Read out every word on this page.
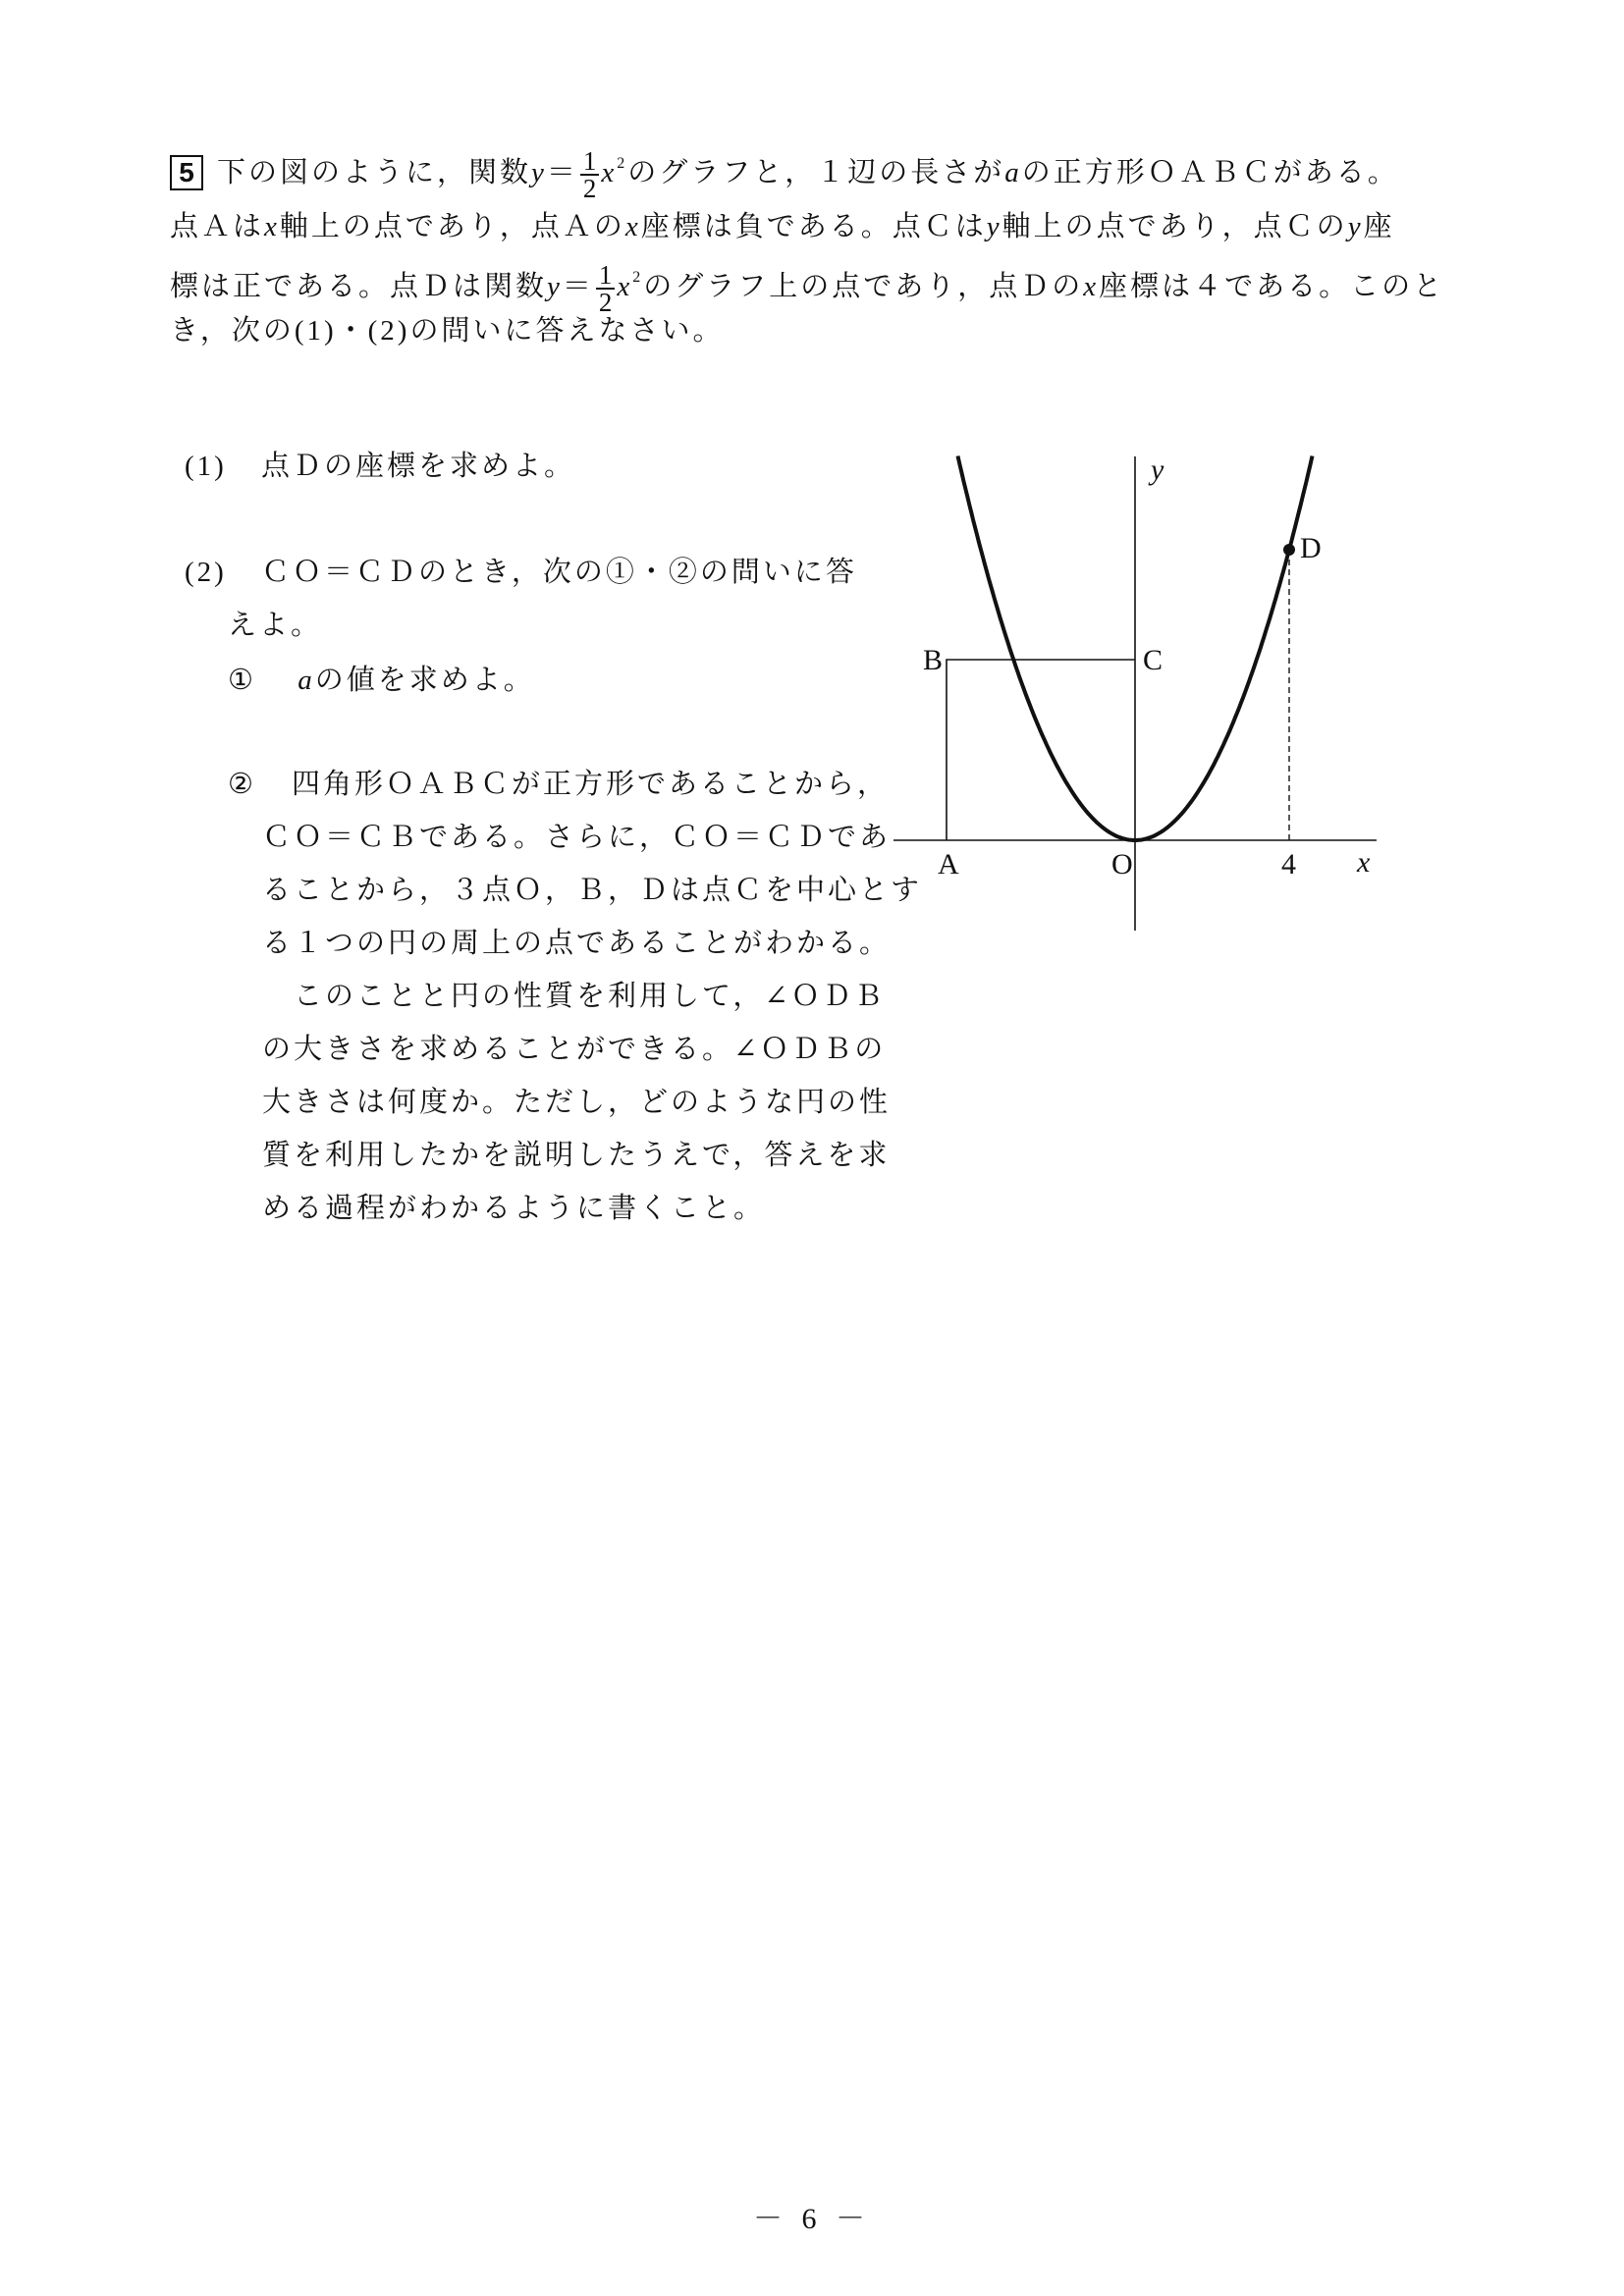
5 下の図のように，関数$y= \frac{1}{2} x^2$のグラフと，１辺の長さがaの正方形ＯＡＢＣがある。
点Ａはx軸上の点であり，点Ａのx座標は負である。点Ｃはy軸上の点であり，点Ｃのy座
標は正である。点Ｄは関数$y= \frac{1}{2} x^2$のグラフ上の点であり，点Ｄのx座標は４である。このと
き，次の(1)・(2)の問いに答えなさい。
(1) 点Ｄの座標を求めよ。
(2) ＣＯ＝ＣＤのとき，次の①・②の問いに答
えよ。
①　 aの値を求めよ。
② 四角形ＯＡＢＣが正方形であることから，
ＣＯ＝ＣＢである。さらに，ＣＯ＝ＣＤであ
ることから，３点Ｏ，Ｂ，Ｄは点Ｃを中心とす
る１つの円の周上の点であることがわかる。
　このことと円の性質を利用して，∠ＯＤＢ
の大きさを求めることができる。∠ＯＤＢの
大きさは何度か。ただし，どのような円の性
質を利用したかを説明したうえで，答えを求
める過程がわかるように書くこと。
y
x
O
A
B	C
D
4
－ 6 －
